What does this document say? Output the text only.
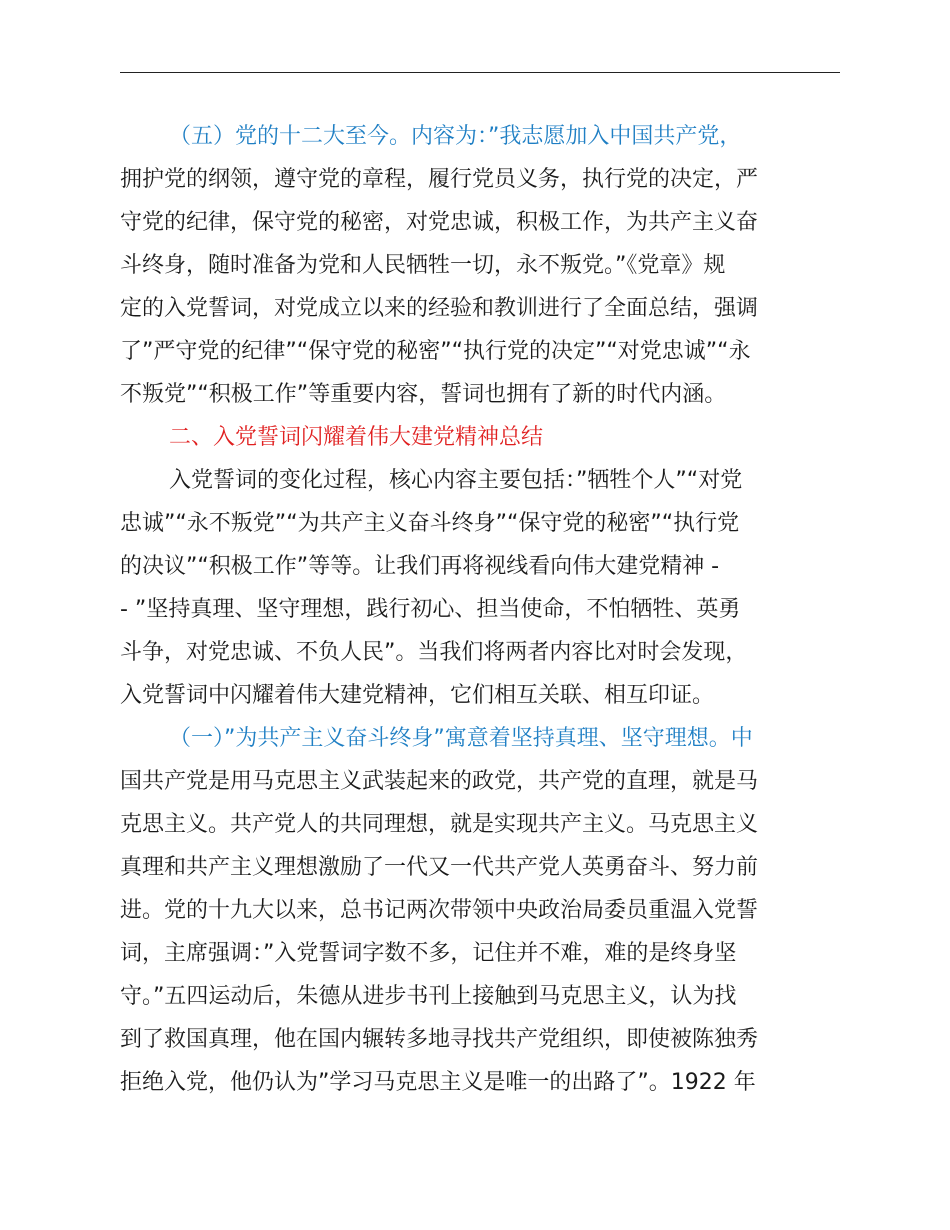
（五）党的十二大至今。内容为：”我志愿加入中国共产党，
拥护党的纲领，遵守党的章程，履行党员义务，执行党的决定，严
守党的纪律，保守党的秘密，对党忠诚，积极工作，为共产主义奋
斗终身，随时准备为党和人民牺牲一切，永不叛党。”《党章》规
定的入党誓词，对党成立以来的经验和教训进行了全面总结，强调
了”严守党的纪律”“保守党的秘密”“执行党的决定”“对党忠诚”“永
不叛党”“积极工作”等重要内容，誓词也拥有了新的时代内涵。
二、入党誓词闪耀着伟大建党精神总结
入党誓词的变化过程，核心内容主要包括：”牺牲个人”“对党
忠诚”“永不叛党”“为共产主义奋斗终身”“保守党的秘密”“执行党
的决议”“积极工作”等等。让我们再将视线看向伟大建党精神 -
- ”坚持真理、坚守理想，践行初心、担当使命，不怕牺牲、英勇
斗争，对党忠诚、不负人民”。当我们将两者内容比对时会发现，
入党誓词中闪耀着伟大建党精神，它们相互关联、相互印证。
（一）”为共产主义奋斗终身”寓意着坚持真理、坚守理想。中
国共产党是用马克思主义武装起来的政党，共产党的直理，就是马
克思主义。共产党人的共同理想，就是实现共产主义。马克思主义
真理和共产主义理想激励了一代又一代共产党人英勇奋斗、努力前
进。党的十九大以来，总书记两次带领中央政治局委员重温入党誓
词，主席强调：”入党誓词字数不多，记住并不难，难的是终身坚
守。”五四运动后，朱德从进步书刊上接触到马克思主义，认为找
到了救国真理，他在国内辗转多地寻找共产党组织，即使被陈独秀
拒绝入党，他仍认为”学习马克思主义是唯一的出路了”。1922 年
